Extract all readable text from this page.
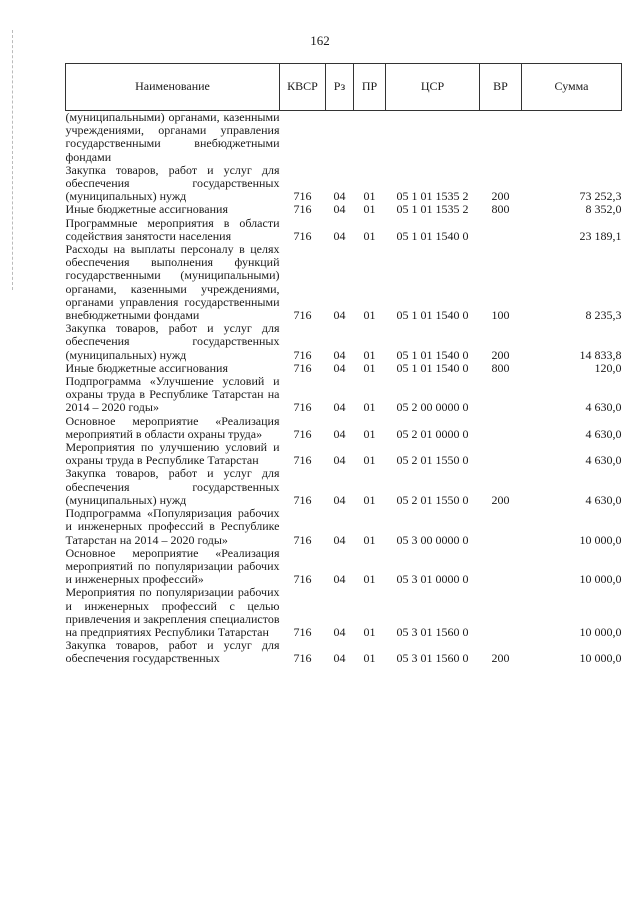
162
Наименование	КВСР	Рз	ПР	ЦСР	ВР	Сумма
(муниципальными) органами, казенными учреждениями, органами управления государственными внебюджетными фондами						
Закупка товаров, работ и услуг для обеспечения государственных (муниципальных) нужд	716	04	01	05 1 01 1535 2	200	73 252,3
Иные бюджетные ассигнования	716	04	01	05 1 01 1535 2	800	8 352,0
Программные мероприятия в области содействия занятости населения	716	04	01	05 1 01 1540 0		23 189,1
Расходы на выплаты персоналу в целях обеспечения выполнения функций государственными (муниципальными) органами, казенными учреждениями, органами управления государственными внебюджетными фондами	716	04	01	05 1 01 1540 0	100	8 235,3
Закупка товаров, работ и услуг для обеспечения государственных (муниципальных) нужд	716	04	01	05 1 01 1540 0	200	14 833,8
Иные бюджетные ассигнования	716	04	01	05 1 01 1540 0	800	120,0
Подпрограмма «Улучшение условий и охраны труда в Республике Татарстан на 2014 – 2020 годы»	716	04	01	05 2 00 0000 0		4 630,0
Основное мероприятие «Реализация мероприятий в области охраны труда»	716	04	01	05 2 01 0000 0		4 630,0
Мероприятия по улучшению условий и охраны труда в Республике Татарстан	716	04	01	05 2 01 1550 0		4 630,0
Закупка товаров, работ и услуг для обеспечения государственных (муниципальных) нужд	716	04	01	05 2 01 1550 0	200	4 630,0
Подпрограмма «Популяризация рабочих и инженерных профессий в Республике Татарстан на 2014 – 2020 годы»	716	04	01	05 3 00 0000 0		10 000,0
Основное мероприятие «Реализация мероприятий по популяризации рабочих и инженерных профессий»	716	04	01	05 3 01 0000 0		10 000,0
Мероприятия по популяризации рабочих и инженерных профессий с целью привлечения и закрепления специалистов на предприятиях Республики Татарстан	716	04	01	05 3 01 1560 0		10 000,0
Закупка товаров, работ и услуг для обеспечения государственных	716	04	01	05 3 01 1560 0	200	10 000,0
